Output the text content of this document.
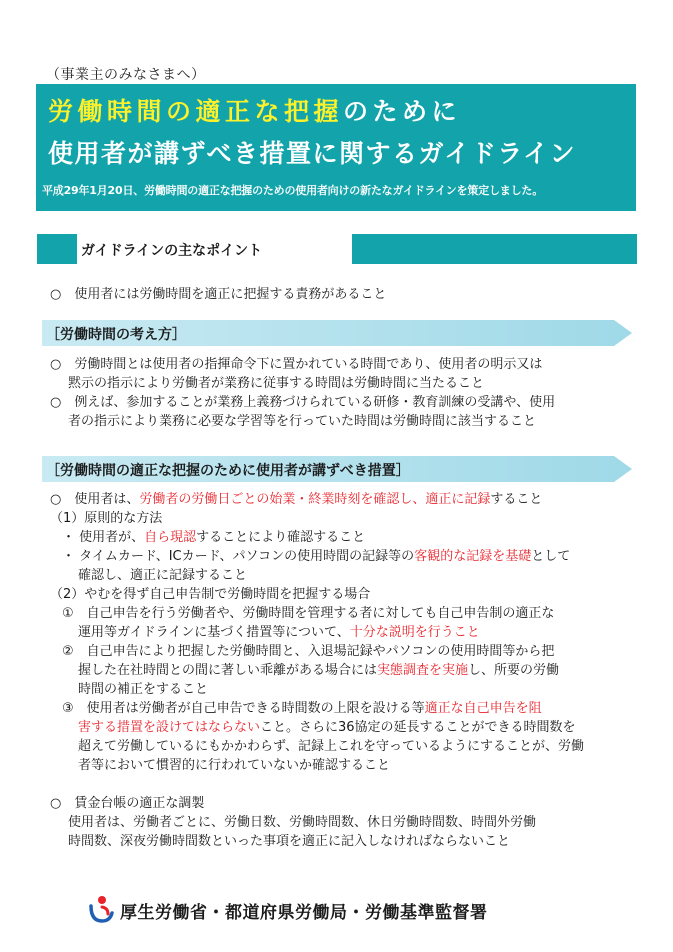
（事業主のみなさまへ）
労働時間の適正な把握のために
使用者が講ずべき措置に関するガイドライン
平成29年1月20日、労働時間の適正な把握のための使用者向けの新たなガイドラインを策定しました。
ガイドラインの主なポイント
○　使用者には労働時間を適正に把握する責務があること
［労働時間の考え方］
○　労働時間とは使用者の指揮命令下に置かれている時間であり、使用者の明示又は
黙示の指示により労働者が業務に従事する時間は労働時間に当たること
○　例えば、参加することが業務上義務づけられている研修・教育訓練の受講や、使用
者の指示により業務に必要な学習等を行っていた時間は労働時間に該当すること
［労働時間の適正な把握のために使用者が講ずべき措置］
○　使用者は、労働者の労働日ごとの始業・終業時刻を確認し、適正に記録すること
（1）原則的な方法
・ 使用者が、自ら現認することにより確認すること
・ タイムカード、ICカード、パソコンの使用時間の記録等の客観的な記録を基礎として
確認し、適正に記録すること
（2）やむを得ず自己申告制で労働時間を把握する場合
①　自己申告を行う労働者や、労働時間を管理する者に対しても自己申告制の適正な
運用等ガイドラインに基づく措置等について、十分な説明を行うこと
②　自己申告により把握した労働時間と、入退場記録やパソコンの使用時間等から把
握した在社時間との間に著しい乖離がある場合には実態調査を実施し、所要の労働
時間の補正をすること
③　使用者は労働者が自己申告できる時間数の上限を設ける等適正な自己申告を阻
害する措置を設けてはならないこと。さらに36協定の延長することができる時間数を
超えて労働しているにもかかわらず、記録上これを守っているようにすることが、労働
者等において慣習的に行われていないか確認すること
○　賃金台帳の適正な調製
使用者は、労働者ごとに、労働日数、労働時間数、休日労働時間数、時間外労働
時間数、深夜労働時間数といった事項を適正に記入しなければならないこと
厚生労働省・都道府県労働局・労働基準監督署
